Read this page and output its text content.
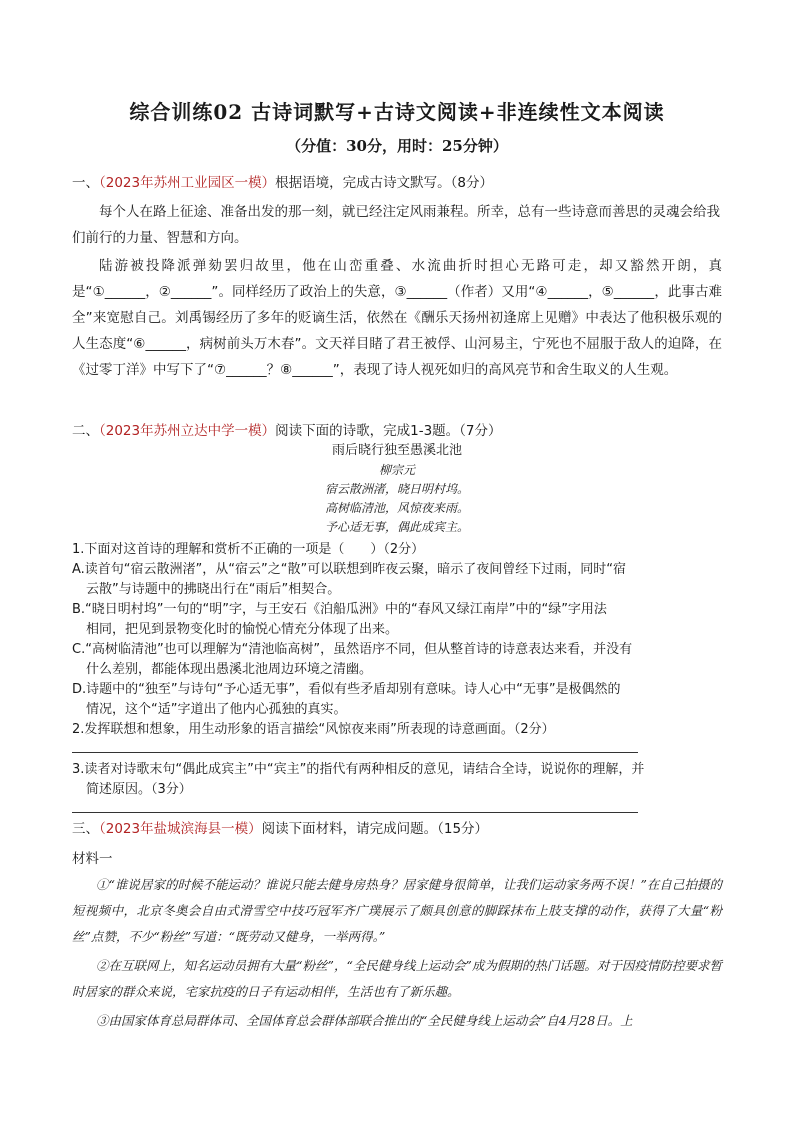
综合训练02 古诗词默写+古诗文阅读+非连续性文本阅读
（分值：30分，用时：25分钟）

一、（2023年苏州工业园区一模）根据语境，完成古诗文默写。（8分）

每个人在路上征途、准备出发的那一刻，就已经注定风雨兼程。所幸，总有一些诗意而善思的灵魂会给我们前行的力量、智慧和方向。

陆游被投降派弹劾罢归故里，他在山峦重叠、水流曲折时担心无路可走，却又豁然开朗，真是“①______，②______”。同样经历了政治上的失意，③______（作者）又用“④______，⑤______，此事古难全”来宽慰自己。刘禹锡经历了多年的贬谪生活，依然在《酬乐天扬州初逢席上见赠》中表达了他积极乐观的人生态度“⑥______，病树前头万木春”。文天祥目睹了君王被俘、山河易主，宁死也不屈服于敌人的迫降，在《过零丁洋》中写下了“⑦______？⑧______”，表现了诗人视死如归的高风亮节和舍生取义的人生观。

二、（2023年苏州立达中学一模）阅读下面的诗歌，完成1-3题。（7分）

雨后晓行独至愚溪北池

柳宗元

宿云散洲渚，晓日明村坞。

高树临清池，风惊夜来雨。

予心适无事，偶此成宾主。

1.下面对这首诗的理解和赏析不正确的一项是（　　）（2分）

A.读首句“宿云散洲渚”，从“宿云”之“散”可以联想到昨夜云聚，暗示了夜间曾经下过雨，同时“宿
云散”与诗题中的拂晓出行在“雨后”相契合。

B.“晓日明村坞”一句的“明”字，与王安石《泊船瓜洲》中的“春风又绿江南岸”中的“绿”字用法
相同，把见到景物变化时的愉悦心情充分体现了出来。

C.“高树临清池”也可以理解为“清池临高树”，虽然语序不同，但从整首诗的诗意表达来看，并没有
什么差别，都能体现出愚溪北池周边环境之清幽。

D.诗题中的“独至”与诗句“予心适无事”，看似有些矛盾却别有意味。诗人心中“无事”是极偶然的
情况，这个“适”字道出了他内心孤独的真实。

2.发挥联想和想象，用生动形象的语言描绘“风惊夜来雨”所表现的诗意画面。（2分）

3.读者对诗歌末句“偶此成宾主”中“宾主”的指代有两种相反的意见，请结合全诗，说说你的理解，并
简述原因。（3分）

三、（2023年盐城滨海县一模）阅读下面材料，请完成问题。（15分）

材料一

①“谁说居家的时候不能运动？谁说只能去健身房热身？居家健身很简单，让我们运动家务两不误！”在自己拍摄的短视频中，北京冬奥会自由式滑雪空中技巧冠军齐广璞展示了颇具创意的脚踩抹布上肢支撑的动作，获得了大量“粉丝”点赞，不少“粉丝”写道：“既劳动又健身，一举两得。”

②在互联网上，知名运动员拥有大量“粉丝”，“全民健身线上运动会”成为假期的热门话题。对于因疫情防控要求暂时居家的群众来说，宅家抗疫的日子有运动相伴，生活也有了新乐趣。

③由国家体育总局群体司、全国体育总会群体部联合推出的“全民健身线上运动会”自4月28日。上
